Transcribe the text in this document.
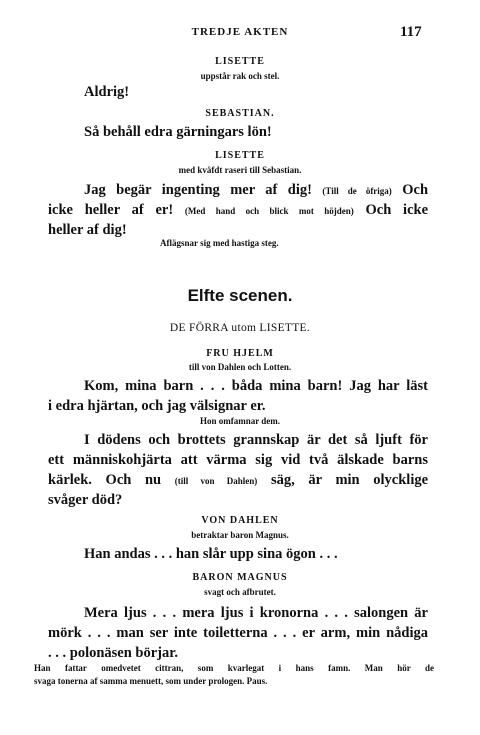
TREDJE AKTEN	117
LISETTE
uppstår rak och stel.
Aldrig!
SEBASTIAN.
Så behåll edra gärningars lön!
LISETTE
med kväfdt raseri till Sebastian.
Jag begär ingenting mer af dig! (Till de öfriga) Och
icke heller af er! (Med hand och blick mot höjden) Och icke
heller af dig!
Aflägsnar sig med hastiga steg.
Elfte scenen.
DE FÖRRA utom LISETTE.
FRU HJELM
till von Dahlen och Lotten.
Kom, mina barn . . . båda mina barn! Jag har läst
i edra hjärtan, och jag välsignar er.
Hon omfamnar dem.
I dödens och brottets grannskap är det så ljuft för
ett människohjärta att värma sig vid två älskade barns
kärlek. Och nu (till von Dahlen) säg, är min olycklige
svåger död?
VON DAHLEN
betraktar baron Magnus.
Han andas . . . han slår upp sina ögon . . .
BARON MAGNUS
svagt och afbrutet.
Mera ljus . . . mera ljus i kronorna . . . salongen är
mörk . . . man ser inte toiletterna . . . er arm, min nådiga
. . . polonäsen börjar.
Han fattar omedvetet cittran, som kvarlegat i hans famn. Man hör de
svaga tonerna af samma menuett, som under prologen. Paus.
